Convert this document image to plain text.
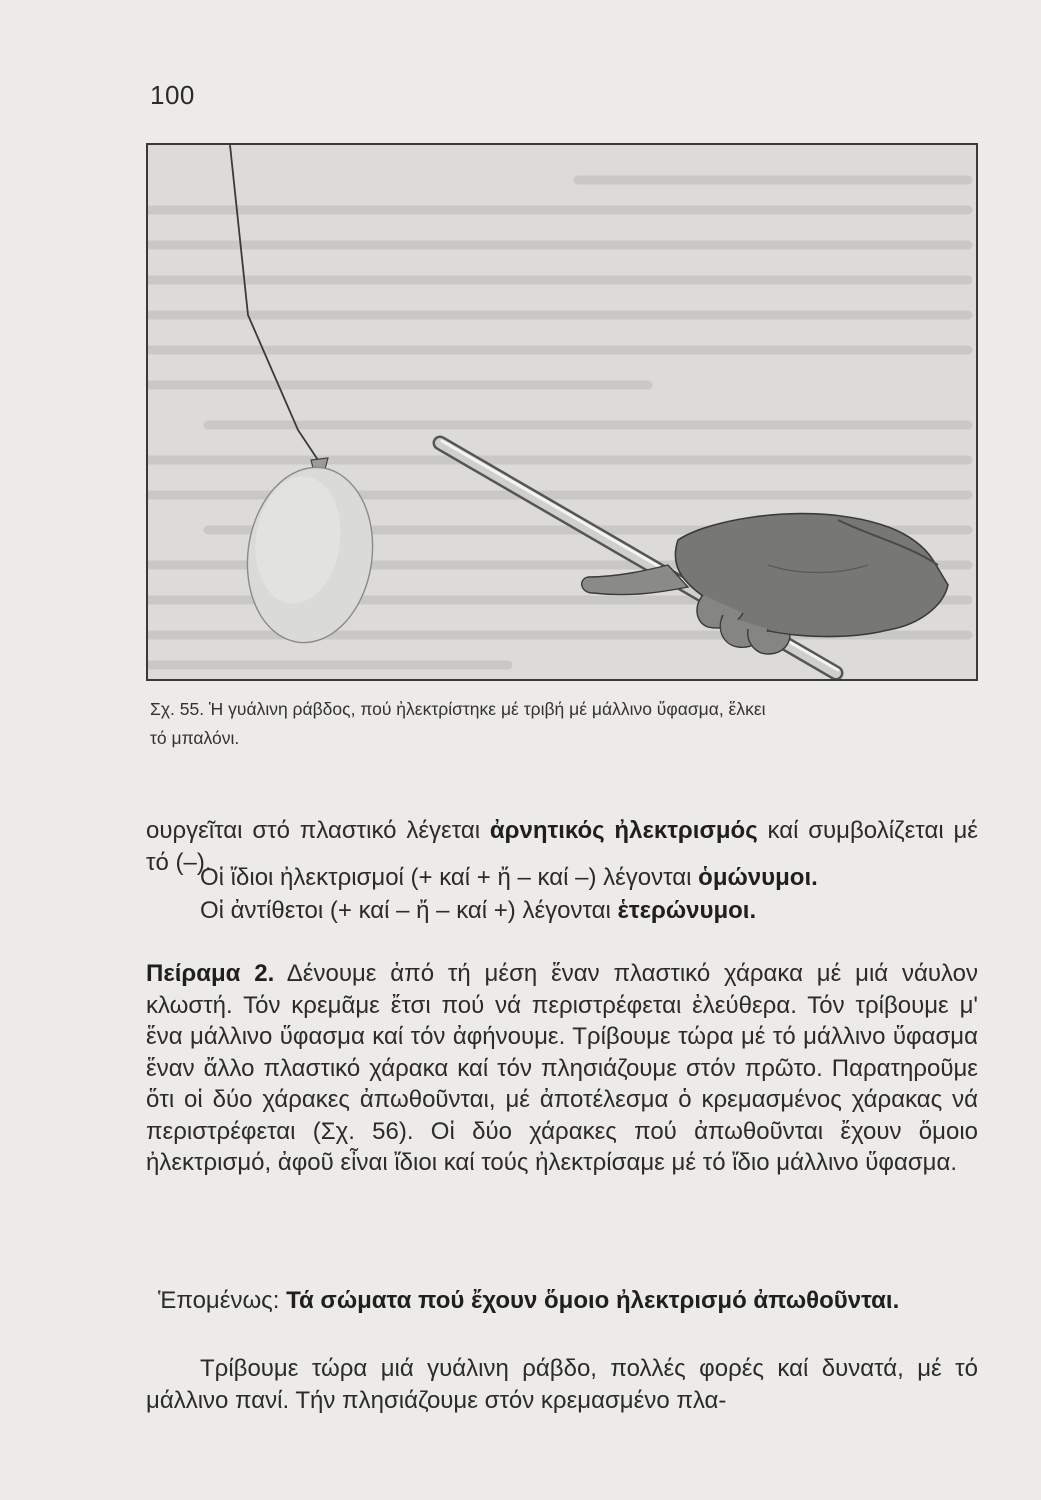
100
Σχ. 55. Ἡ γυάλινη ράβδος, πού ἠλεκτρίστηκε μέ τριβή μέ μάλλινο ὕφασμα, ἕλκει
τό μπαλόνι.

ουργεῖται στό πλαστικό λέγεται ἀρνητικός ἠλεκτρισμός καί συμβολίζεται μέ τό (–).

Οἱ ἴδιοι ἠλεκτρισμοί (+ καί + ἤ – καί –) λέγονται ὁμώνυμοι.

Οἱ ἀντίθετοι (+ καί – ἤ – καί +) λέγονται ἑτερώνυμοι.

Πείραμα 2. Δένουμε ἀπό τή μέση ἕναν πλαστικό χάρακα μέ μιά νάυλον κλωστή. Τόν κρεμᾶμε ἔτσι πού νά περιστρέφεται ἐλεύθερα. Τόν τρίβουμε μ' ἕνα μάλλινο ὕφασμα καί τόν ἀφήνουμε. Τρίβουμε τώρα μέ τό μάλλινο ὕφασμα ἕναν ἄλλο πλαστικό χάρακα καί τόν πλησιάζουμε στόν πρῶτο. Παρατηροῦμε ὅτι οἱ δύο χάρακες ἀπωθοῦνται, μέ ἀποτέλεσμα ὁ κρεμασμένος χάρακας νά περιστρέφεται (Σχ. 56). Οἱ δύο χάρακες πού ἀπωθοῦνται ἔχουν ὅμοιο ἠλεκτρισμό, ἀφοῦ εἶναι ἴδιοι καί τούς ἠλεκτρίσαμε μέ τό ἴδιο μάλλινο ὕφασμα.

Ἑπομένως: Τά σώματα πού ἔχουν ὅμοιο ἠλεκτρισμό ἀπωθοῦνται.

Τρίβουμε τώρα μιά γυάλινη ράβδο, πολλές φορές καί δυνατά, μέ τό μάλλινο πανί. Τήν πλησιάζουμε στόν κρεμασμένο πλα-
